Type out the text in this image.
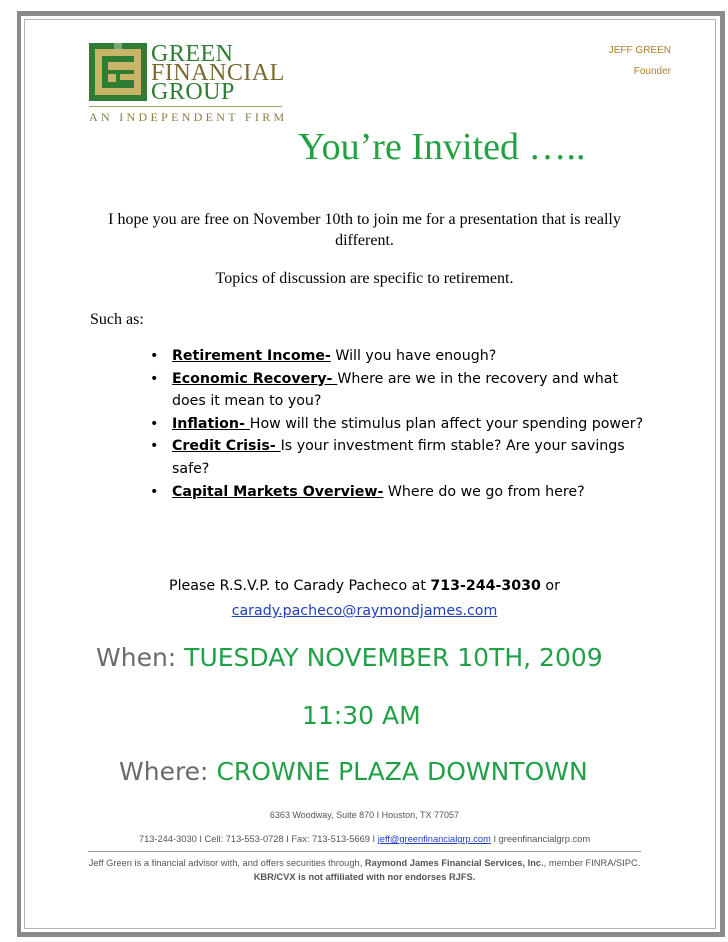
GREEN
FINANCIAL
GROUP
AN INDEPENDENT FIRM
JEFF GREEN
Founder
You’re Invited …..
I hope you are free on November 10th to join me for a presentation that is really different.
Topics of discussion are specific to retirement.
Such as:
• Retirement Income- Will you have enough?
• Economic Recovery- Where are we in the recovery and what does it mean to you?
• Inflation- How will the stimulus plan affect your spending power?
• Credit Crisis- Is your investment firm stable? Are your savings safe?
• Capital Markets Overview- Where do we go from here?
Please R.S.V.P. to Carady Pacheco at 713-244-3030 or
carady.pacheco@raymondjames.com
When: TUESDAY NOVEMBER 10TH, 2009
11:30 AM
Where: CROWNE PLAZA DOWNTOWN
6363 Woodway, Suite 870 I Houston, TX 77057
713-244-3030 I Cell: 713-553-0728 I Fax: 713-513-5669 I jeff@greenfinancialgrp.com I greenfinancialgrp.com
Jeff Green is a financial advisor with, and offers securities through, Raymond James Financial Services, Inc., member FINRA/SIPC. KBR/CVX is not affiliated with nor endorses RJFS.
